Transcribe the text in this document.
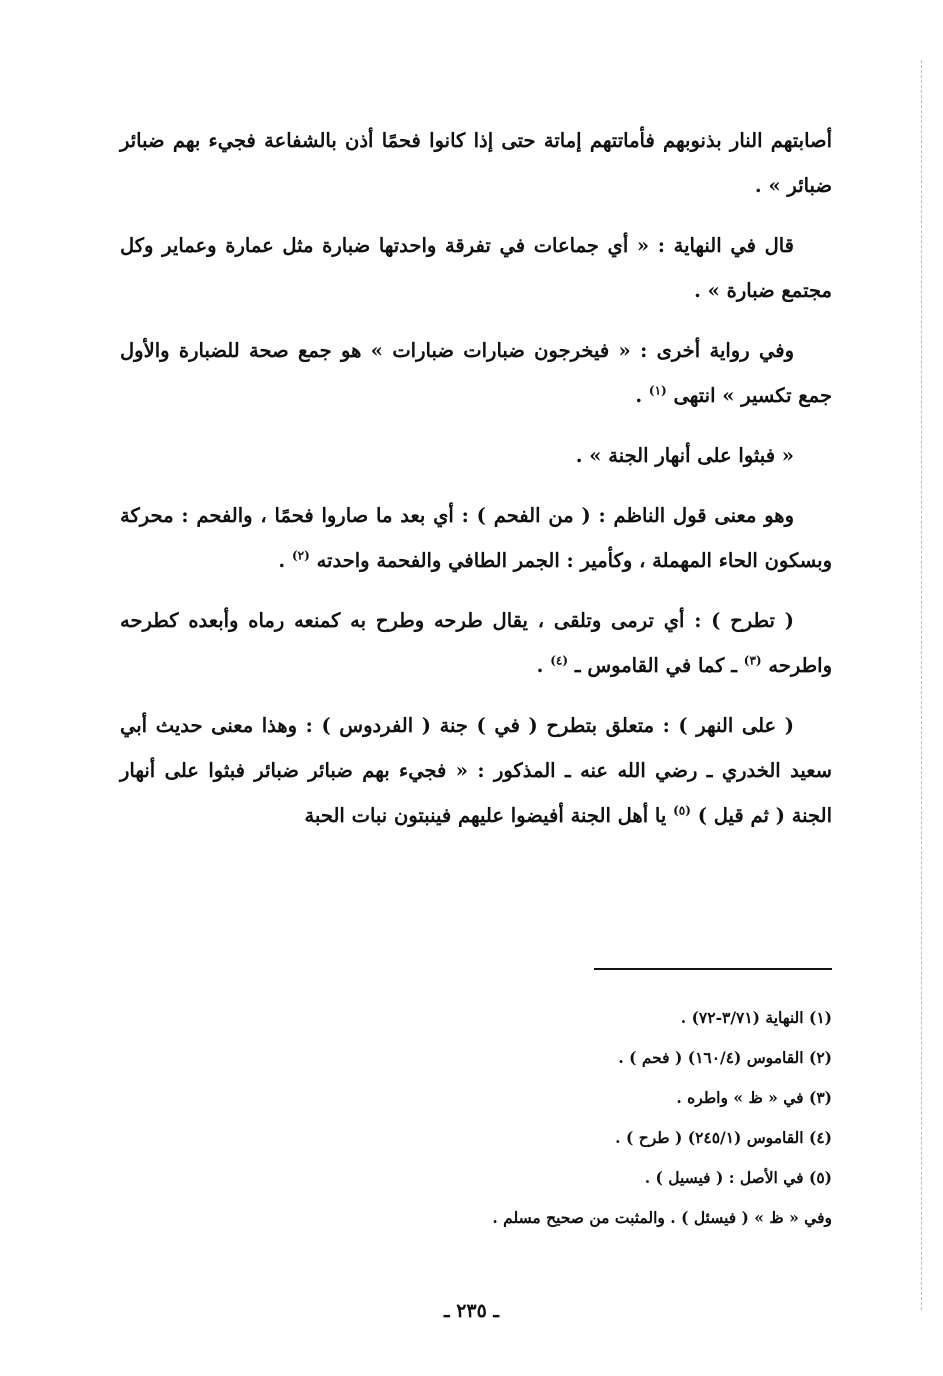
أصابتهم النار بذنوبهم فأماتتهم إماتة حتى إذا كانوا فحمًا أذن بالشفاعة فجيء بهم ضبائر ضبائر » .

قال في النهاية : « أي جماعات في تفرقة واحدتها ضبارة مثل عمارة وعماير وكل مجتمع ضبارة » .

وفي رواية أخرى : « فيخرجون ضبارات ضبارات » هو جمع صحة للضبارة والأول جمع تكسير » انتهى $^{(١)}$ .

« فبثوا على أنهار الجنة » .

وهو معنى قول الناظم : ( من الفحم ) : أي بعد ما صاروا فحمًا ، والفحم : محركة وبسكون الحاء المهملة ، وكأمير : الجمر الطافي والفحمة واحدته $^{(٢)}$ .

( تطرح ) : أي ترمى وتلقى ، يقال طرحه وطرح به كمنعه رماه وأبعده كطرحه واطرحه $^{(٣)}$ ـ كما في القاموس ـ $^{(٤)}$ .

( على النهر ) : متعلق بتطرح ( في ) جنة ( الفردوس ) : وهذا معنى حديث أبي سعيد الخدري ـ رضي الله عنه ـ المذكور : « فجيء بهم ضبائر ضبائر فبثوا على أنهار الجنة ( ثم قيل ) $^{(٥)}$ يا أهل الجنة أفيضوا عليهم فينبتون نبات الحبة

(١) النهاية (٣/٧١-٧٢) .

(٢) القاموس (١٦٠/٤) ( فحم ) .

(٣) في « ظ » واطره .

(٤) القاموس (٢٤٥/١) ( طرح ) .

(٥) في الأصل : ( فيسيل ) .

وفي « ظ » ( فيسئل ) . والمثبت من صحيح مسلم .

ـ ٢٣٥ ـ
